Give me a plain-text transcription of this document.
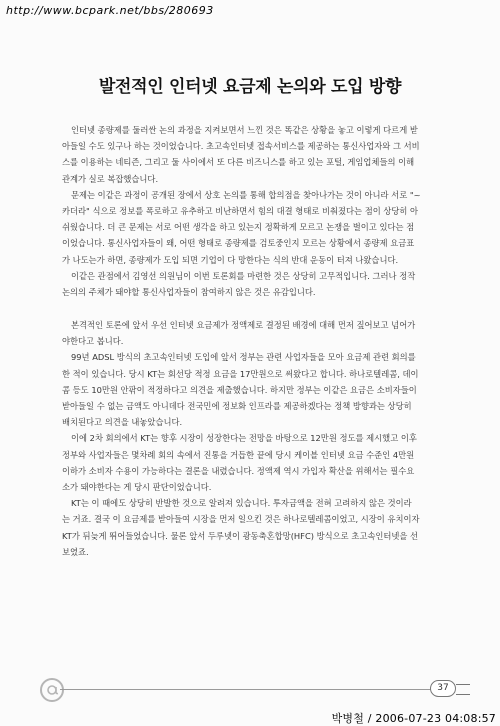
http://www.bcpark.net/bbs/280693
발전적인 인터넷 요금제 논의와 도입 방향
인터넷 종량제를 둘러싼 논의 과정을 지켜보면서 느낀 것은 똑같은 상황을 놓고 이렇게 다르게 받
아들일 수도 있구나 하는 것이었습니다. 초고속인터넷 접속서비스를 제공하는 통신사업자와 그 서비
스를 이용하는 네티즌, 그리고 둘 사이에서 또 다른 비즈니스를 하고 있는 포털, 게임업체들의 이해
관계가 실로 복잡했습니다.
문제는 이같은 과정이 공개된 장에서 상호 논의를 통해 합의점을 찾아나가는 것이 아니라 서로 "~
카더라" 식으로 정보를 폭로하고 유추하고 비난하면서 힘의 대결 형태로 비춰졌다는 점이 상당히 아
쉬웠습니다. 더 큰 문제는 서로 어떤 생각을 하고 있는지 정확하게 모르고 논쟁을 벌이고 있다는 점
이었습니다. 통신사업자들이 왜, 어떤 형태로 종량제를 검토중인지 모르는 상황에서 종량제 요금표
가 나도는가 하면, 종량제가 도입 되면 기업이 다 망한다는 식의 반대 운동이 터져 나왔습니다.
이같은 관점에서 김영선 의원님이 이번 토론회를 마련한 것은 상당히 고무적입니다. 그러나 정작
논의의 주체가 돼야할 통신사업자들이 참여하지 않은 것은 유감입니다.
본격적인 토론에 앞서 우선 인터넷 요금제가 정액제로 결정된 배경에 대해 먼저 짚어보고 넘어가
야한다고 봅니다.
99년 ADSL 방식의 초고속인터넷 도입에 앞서 정부는 관련 사업자들을 모아 요금제 관련 회의를
한 적이 있습니다. 당시 KT는 회선당 적정 요금을 17만원으로 써왔다고 합니다. 하나로텔레콤, 데이
콤 등도 10만원 안팎이 적정하다고 의견을 제출했습니다. 하지만 정부는 이같은 요금은 소비자들이
받아들일 수 없는 금액도 아니데다 전국민에 정보화 인프라를 제공하겠다는 정책 방향과는 상당히
배치된다고 의견을 내놓았습니다.
이에 2차 회의에서 KT는 향후 시장이 성장한다는 전망을 바탕으로 12만원 정도를 제시했고 이후
정부와 사업자들은 몇차례 회의 속에서 진통을 거듭한 끝에 당시 케이블 인터넷 요금 수준인 4만원
이하가 소비자 수용이 가능하다는 결론을 내렸습니다. 정액제 역시 가입자 확산을 위해서는 필수요
소가 돼야한다는 게 당시 판단이었습니다.
KT는 이 때에도 상당히 반발한 것으로 알려져 있습니다. 투자금액을 전혀 고려하지 않은 것이라
는 거죠. 결국 이 요금제를 받아들여 시장을 먼저 일으킨 것은 하나로텔레콤이었고, 시장이 유치이자
KT가 뒤늦게 뛰어들었습니다. 물론 앞서 두루넷이 광동축혼합망(HFC) 방식으로 초고속인터넷을 선
보였죠.
37
박병철 / 2006-07-23 04:08:57
